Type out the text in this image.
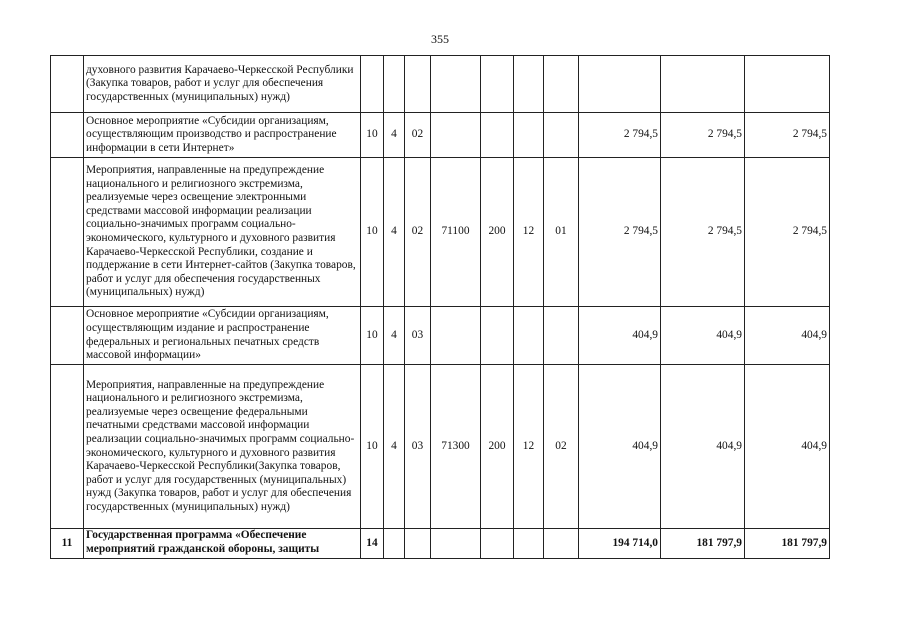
355
	духовного развития Карачаево-Черкесской Республики (Закупка товаров, работ и услуг для обеспечения государственных (муниципальных) нужд)										
	Основное мероприятие «Субсидии организациям, осуществляющим производство и распространение информации в сети Интернет»	10	4	02					2 794,5	2 794,5	2 794,5
	Мероприятия, направленные на предупреждение национального и религиозного экстремизма, реализуемые через освещение электронными средствами массовой информации реализации социально-значимых программ социально-экономического, культурного и духовного развития Карачаево-Черкесской Республики, создание и поддержание в сети Интернет-сайтов (Закупка товаров, работ и услуг для обеспечения государственных (муниципальных) нужд)	10	4	02	71100	200	12	01	2 794,5	2 794,5	2 794,5
	Основное мероприятие «Субсидии организациям, осуществляющим издание и распространение федеральных и региональных печатных средств массовой информации»	10	4	03					404,9	404,9	404,9
	Мероприятия, направленные на предупреждение национального и религиозного экстремизма, реализуемые через освещение федеральными печатными средствами массовой информации реализации социально-значимых программ социально-экономического, культурного и духовного развития Карачаево-Черкесской Республики(Закупка товаров, работ и услуг для государственных (муниципальных) нужд (Закупка товаров, работ и услуг для обеспечения государственных (муниципальных) нужд)	10	4	03	71300	200	12	02	404,9	404,9	404,9
11	Государственная программа «Обеспечение мероприятий гражданской обороны, защиты	14							194 714,0	181 797,9	181 797,9
